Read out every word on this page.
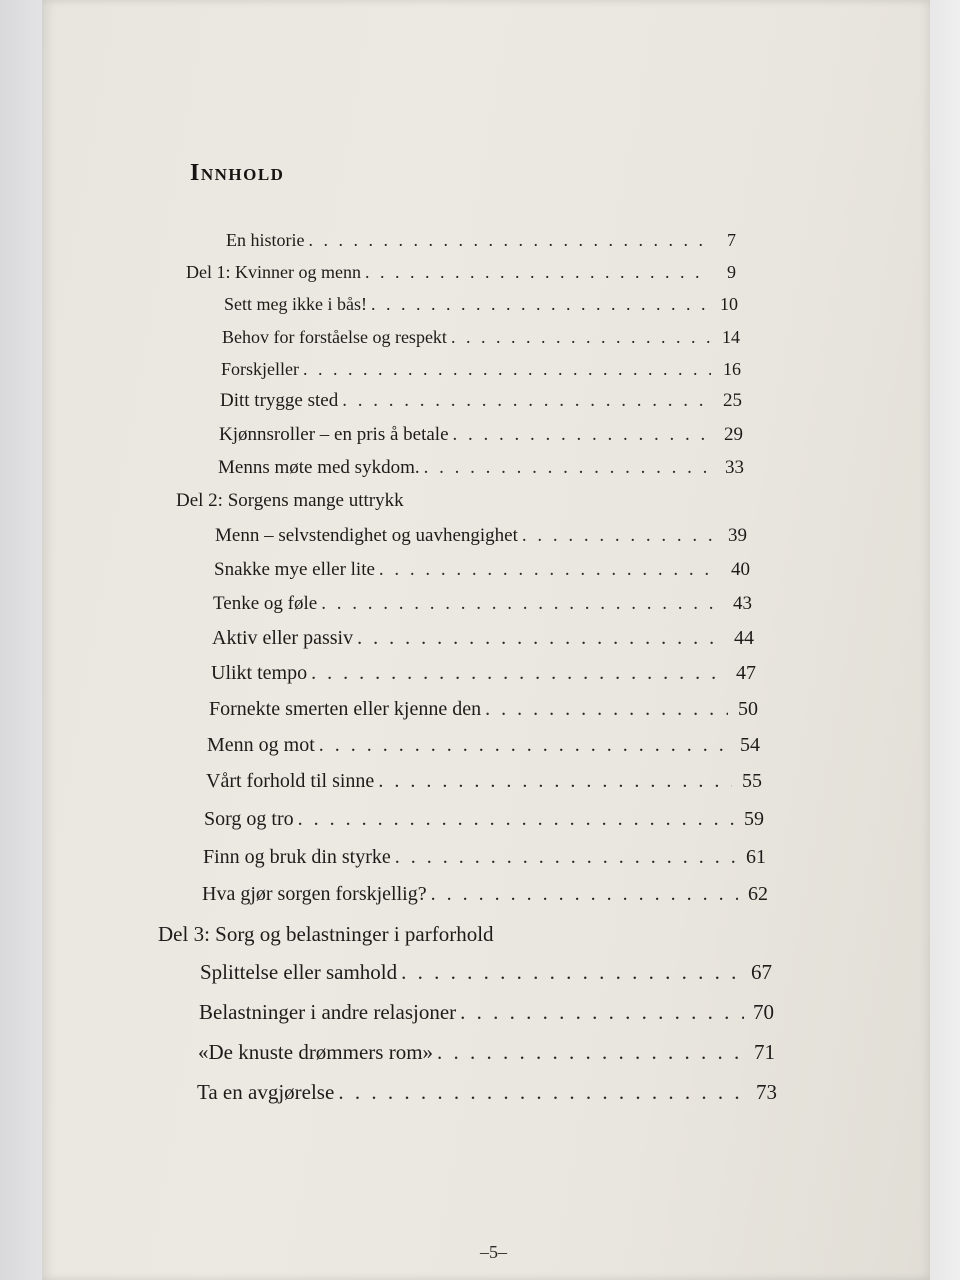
Innhold
En historie . . .	7
Del 1: Kvinner og menn . . .	9
Sett meg ikke i bås! . . .	10
Behov for forståelse og respekt . . .	14
Forskjeller . . .	16
Ditt trygge sted . . .	25
Kjønnsroller – en pris å betale . . .	29
Menns møte med sykdom. . . .	33
Del 2: Sorgens mange uttrykk
Menn – selvstendighet og uavhengighet . . .	39
Snakke mye eller lite . . .	40
Tenke og føle . . .	43
Aktiv eller passiv . . .	44
Ulikt tempo . . .	47
Fornekte smerten eller kjenne den . . .	50
Menn og mot . . .	54
Vårt forhold til sinne . . .	55
Sorg og tro . . .	59
Finn og bruk din styrke . . .	61
Hva gjør sorgen forskjellig? . . .	62
Del 3: Sorg og belastninger i parforhold
Splittelse eller samhold . . .	67
Belastninger i andre relasjoner . . .	70
«De knuste drømmers rom» . . .	71
Ta en avgjørelse . . .	73
–5–
